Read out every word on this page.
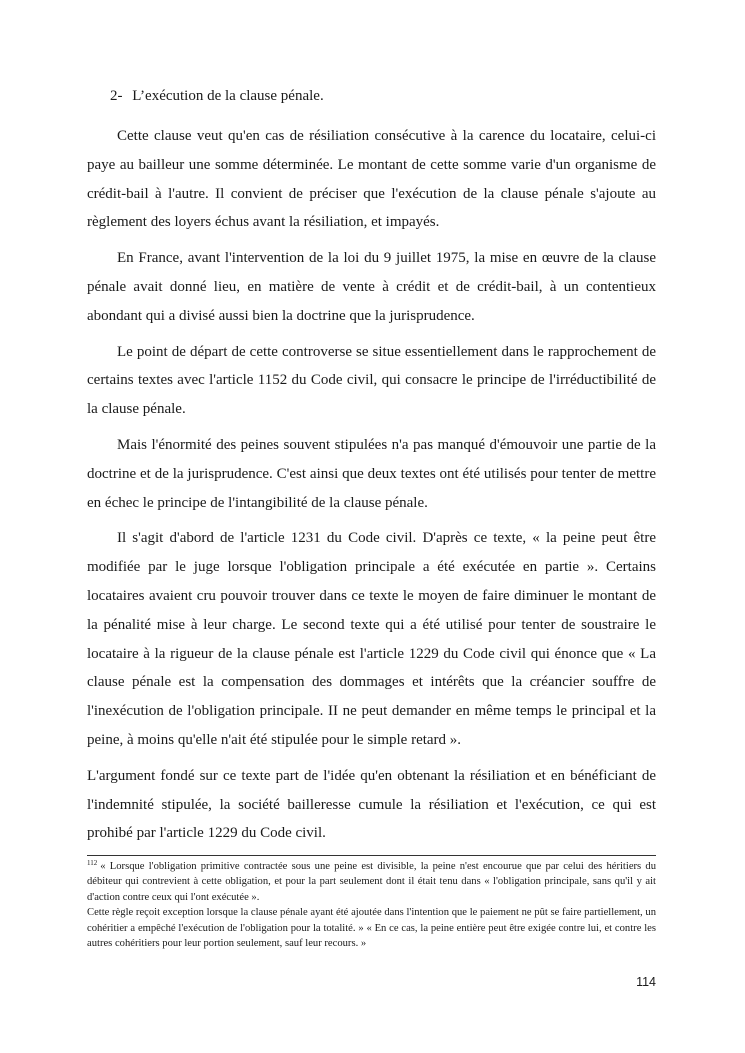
2- L’exécution de la clause pénale.

Cette clause veut qu'en cas de résiliation consécutive à la carence du locataire, celui-ci paye au bailleur une somme déterminée. Le montant de cette somme varie d'un organisme de crédit-bail à l'autre. Il convient de préciser que l'exécution de la clause pénale s'ajoute au règlement des loyers échus avant la résiliation, et impayés.

En France, avant l'intervention de la loi du 9 juillet 1975, la mise en œuvre de la clause pénale avait donné lieu, en matière de vente à crédit et de crédit-bail, à un contentieux abondant qui a divisé aussi bien la doctrine que la jurisprudence.

Le point de départ de cette controverse se situe essentiellement dans le rapprochement de certains textes avec l'article 1152 du Code civil, qui consacre le principe de l'irréductibilité de la clause pénale.

Mais l'énormité des peines souvent stipulées n'a pas manqué d'émouvoir une partie de la doctrine et de la jurisprudence. C'est ainsi que deux textes ont été utilisés pour tenter de mettre en échec le principe de l'intangibilité de la clause pénale.

Il s'agit d'abord de l'article 1231 du Code civil. D'après ce texte, « la peine peut être modifiée par le juge lorsque l'obligation principale a été exécutée en partie ». Certains locataires avaient cru pouvoir trouver dans ce texte le moyen de faire diminuer le montant de la pénalité mise à leur charge. Le second texte qui a été utilisé pour tenter de soustraire le locataire à la rigueur de la clause pénale est l'article 1229 du Code civil qui énonce que « La clause pénale est la compensation des dommages et intérêts que la créancier souffre de l'inexécution de l'obligation principale. II ne peut demander en même temps le principal et la peine, à moins qu'elle n'ait été stipulée pour le simple retard ».

L'argument fondé sur ce texte part de l'idée qu'en obtenant la résiliation et en bénéficiant de l'indemnité stipulée, la société bailleresse cumule la résiliation et l'exécution, ce qui est prohibé par l'article 1229 du Code civil.

$^{112}$ « Lorsque l'obligation primitive contractée sous une peine est divisible, la peine n'est encourue que par celui des héritiers du débiteur qui contrevient à cette obligation, et pour la part seulement dont il était tenu dans « l'obligation principale, sans qu'il y ait d'action contre ceux qui l'ont exécutée ».

Cette règle reçoit exception lorsque la clause pénale ayant été ajoutée dans l'intention que le paiement ne pût se faire partiellement, un cohéritier a empêché l'exécution de l'obligation pour la totalité. » « En ce cas, la peine entière peut être exigée contre lui, et contre les autres cohéritiers pour leur portion seulement, sauf leur recours. »

114
